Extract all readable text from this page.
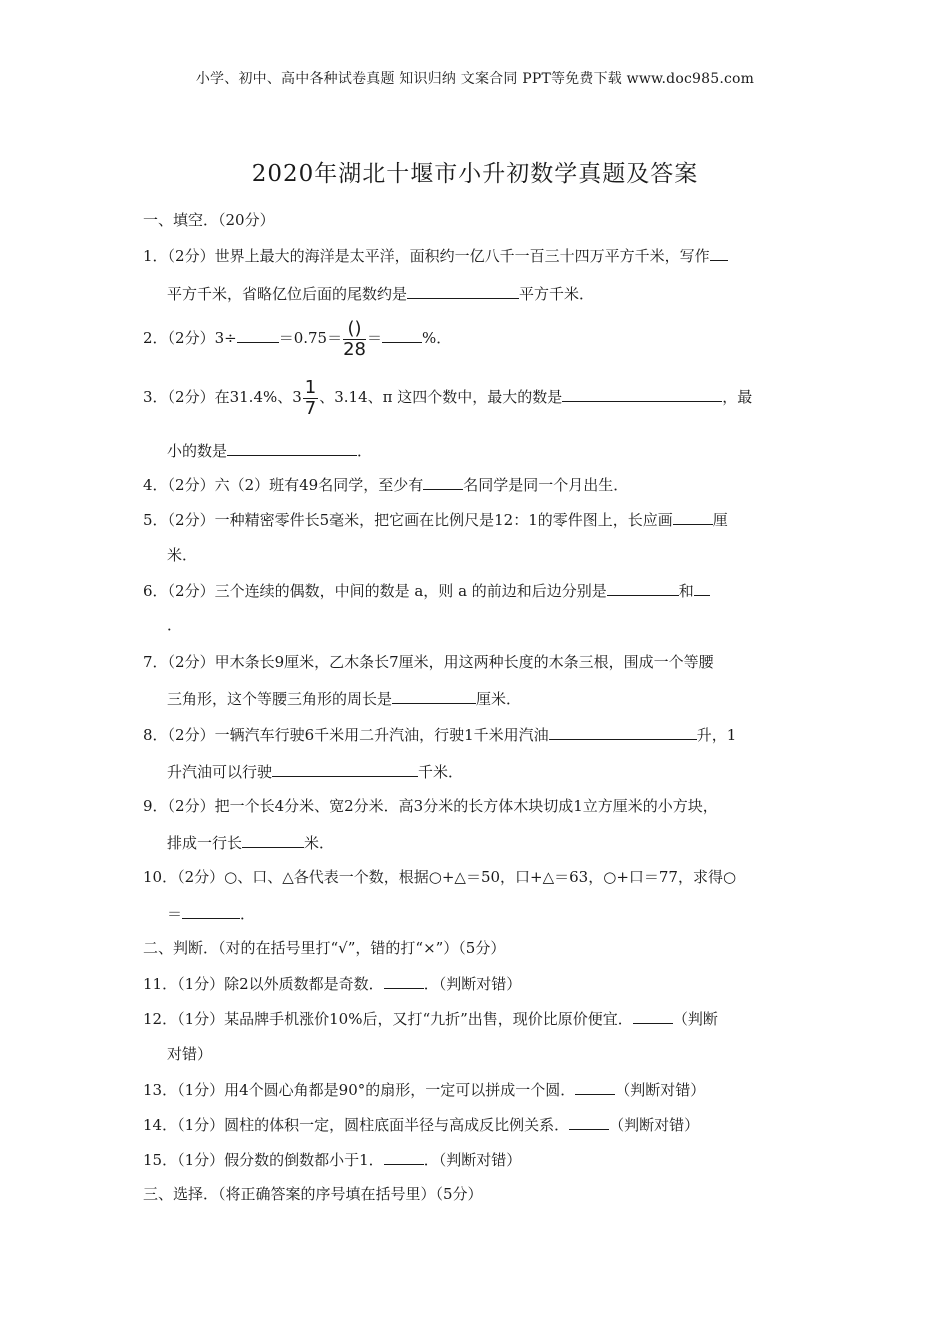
小学、初中、高中各种试卷真题 知识归纳 文案合同 PPT等免费下载 www.doc985.com
2020年湖北十堰市小升初数学真题及答案
一、填空．（20分）
1．（2分）世界上最大的海洋是太平洋，面积约一亿八千一百三十四万平方千米，写作
平方千米，省略亿位后面的尾数约是	平方千米．
2．（2分）3÷	$=0.75= \frac{()}{28}$ ＝	%．
3．（2分）在31.4%、$3 \frac{1}{7}$ 、3.14、π 这四个数中，最大的数是	，最
小的数是	．
4．（2分）六（2）班有49名同学，至少有	名同学是同一个月出生．
5．（2分）一种精密零件长5毫米，把它画在比例尺是12：1的零件图上，长应画	厘
米．
6．（2分）三个连续的偶数，中间的数是 a，则 a 的前边和后边分别是	和
．
7．（2分）甲木条长9厘米，乙木条长7厘米，用这两种长度的木条三根，围成一个等腰
三角形，这个等腰三角形的周长是	厘米．
8．（2分）一辆汽车行驶6千米用二升汽油，行驶1千米用汽油	升，1
升汽油可以行驶	千米．
9．（2分）把一个长4分米、宽2分米．高3分米的长方体木块切成1立方厘米的小方块，
排成一行长	米．
10．（2分）○、口、△各代表一个数，根据○+△＝50，口+△＝63，○+口＝77，求得○
＝	．
二、判断．（对的在括号里打“√”，错的打“×”）（5分）
11．（1分）除2以外质数都是奇数．	．（判断对错）
12．（1分）某品牌手机涨价10%后，又打“九折”出售，现价比原价便宜．	（判断
对错）
13．（1分）用4个圆心角都是90°的扇形，一定可以拼成一个圆．	（判断对错）
14．（1分）圆柱的体积一定，圆柱底面半径与高成反比例关系．	（判断对错）
15．（1分）假分数的倒数都小于1．	．（判断对错）
三、选择．（将正确答案的序号填在括号里）（5分）
